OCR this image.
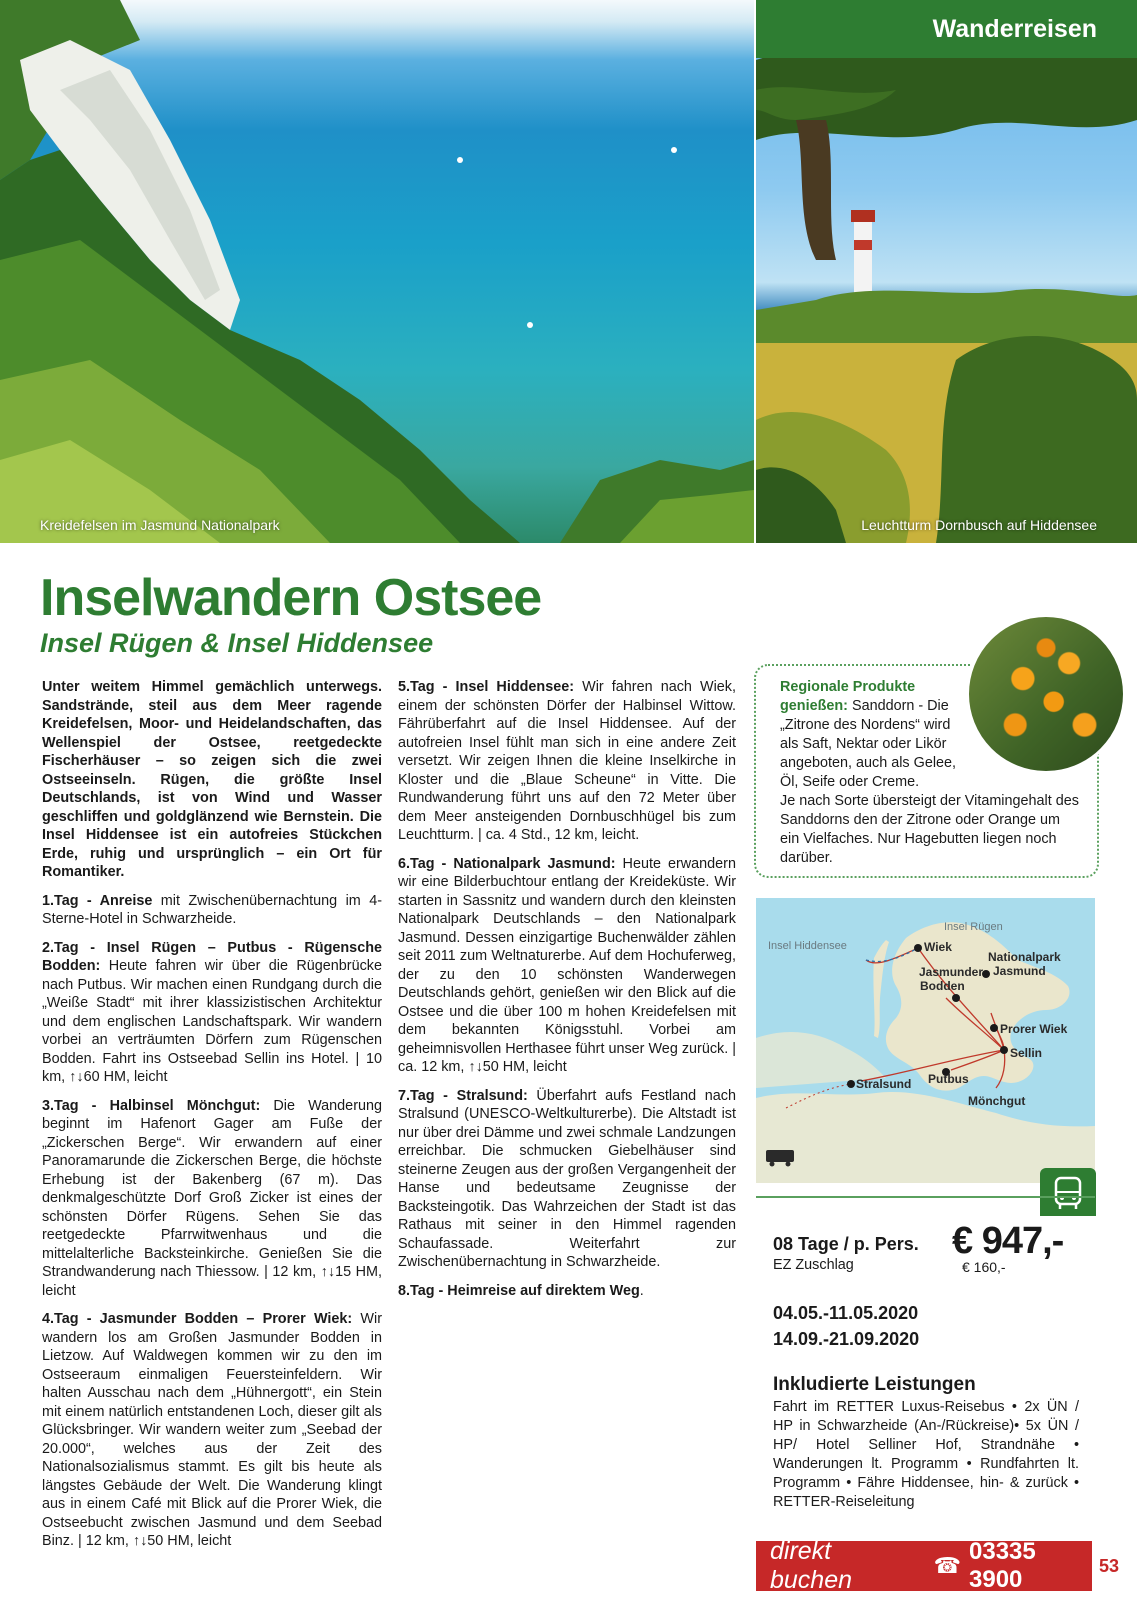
Kreidefelsen im Jasmund Nationalpark	Leuchtturm Dornbusch auf Hiddensee
Wanderreisen
Inselwandern Ostsee
Insel Rügen & Insel Hiddensee

Unter weitem Himmel gemächlich unterwegs. Sandstrände, steil aus dem Meer ragende Kreidefelsen, Moor- und Heidelandschaften, das Wellenspiel der Ostsee, reetgedeckte Fischerhäuser – so zeigen sich die zwei Ostseeinseln. Rügen, die größte Insel Deutschlands, ist von Wind und Wasser geschliffen und goldglänzend wie Bernstein. Die Insel Hiddensee ist ein autofreies Stückchen Erde, ruhig und ursprünglich – ein Ort für Romantiker.

1.Tag - Anreise mit Zwischenübernachtung im 4-Sterne-Hotel in Schwarzheide.

2.Tag - Insel Rügen – Putbus - Rügensche Bodden: Heute fahren wir über die Rügenbrücke nach Putbus. Wir machen einen Rundgang durch die „Weiße Stadt“ mit ihrer klassizistischen Architektur und dem englischen Landschaftspark. Wir wandern vorbei an verträumten Dörfern zum Rügenschen Bodden. Fahrt ins Ostseebad Sellin ins Hotel. | 10 km, ↑↓60 HM, leicht

3.Tag - Halbinsel Mönchgut: Die Wanderung beginnt im Hafenort Gager am Fuße der „Zickerschen Berge“. Wir erwandern auf einer Panoramarunde die Zickerschen Berge, die höchste Erhebung ist der Bakenberg (67 m). Das denkmalgeschützte Dorf Groß Zicker ist eines der schönsten Dörfer Rügens. Sehen Sie das reetgedeckte Pfarrwitwenhaus und die mittelalterliche Backsteinkirche. Genießen Sie die Strandwanderung nach Thiessow. | 12 km, ↑↓15 HM, leicht

4.Tag - Jasmunder Bodden – Prorer Wiek: Wir wandern los am Großen Jasmunder Bodden in Lietzow. Auf Waldwegen kommen wir zu den im Ostseeraum einmaligen Feuersteinfeldern. Wir halten Ausschau nach dem „Hühnergott“, ein Stein mit einem natürlich entstandenen Loch, dieser gilt als Glücksbringer. Wir wandern weiter zum „Seebad der 20.000“, welches aus der Zeit des Nationalsozialismus stammt. Es gilt bis heute als längstes Gebäude der Welt. Die Wanderung klingt aus in einem Café mit Blick auf die Prorer Wiek, die Ostseebucht zwischen Jasmund und dem Seebad Binz. | 12 km, ↑↓50 HM, leicht

5.Tag - Insel Hiddensee: Wir fahren nach Wiek, einem der schönsten Dörfer der Halbinsel Wittow. Fährüberfahrt auf die Insel Hiddensee. Auf der autofreien Insel fühlt man sich in eine andere Zeit versetzt. Wir zeigen Ihnen die kleine Inselkirche in Kloster und die „Blaue Scheune“ in Vitte. Die Rundwanderung führt uns auf den 72 Meter über dem Meer ansteigenden Dornbuschhügel bis zum Leuchtturm. | ca. 4 Std., 12 km, leicht.

6.Tag - Nationalpark Jasmund: Heute erwandern wir eine Bilderbuchtour entlang der Kreideküste. Wir starten in Sassnitz und wandern durch den kleinsten Nationalpark Deutschlands – den Nationalpark Jasmund. Dessen einzigartige Buchenwälder zählen seit 2011 zum Weltnaturerbe. Auf dem Hochuferweg, der zu den 10 schönsten Wanderwegen Deutschlands gehört, genießen wir den Blick auf die Ostsee und die über 100 m hohen Kreidefelsen mit dem bekannten Königsstuhl. Vorbei am geheimnisvollen Herthasee führt unser Weg zurück. | ca. 12 km, ↑↓50 HM, leicht

7.Tag - Stralsund: Überfahrt aufs Festland nach Stralsund (UNESCO-Weltkulturerbe). Die Altstadt ist nur über drei Dämme und zwei schmale Landzungen erreichbar. Die schmucken Giebelhäuser sind steinerne Zeugen aus der großen Vergangenheit der Hanse und bedeutsame Zeugnisse der Backsteingotik. Das Wahrzeichen der Stadt ist das Rathaus mit seiner in den Himmel ragenden Schaufassade. Weiterfahrt zur Zwischenübernachtung in Schwarzheide.

8.Tag - Heimreise auf direktem Weg.

Regionale Produkte genießen: Sanddorn - Die „Zitrone des Nordens“ wird als Saft, Nektar oder Likör angeboten, auch als Gelee, Öl, Seife oder Creme.
Je nach Sorte übersteigt der Vitamingehalt des Sanddorns den der Zitrone oder Orange um ein Vielfaches. Nur Hagebutten liegen noch darüber.
Insel Rügen
Insel Hiddensee	Wiek
Nationalpark
Jasmund
Jasmunder
Bodden
Prorer Wiek
Sellin
Stralsund Putbus
Mönchgut
08 Tage / p. Pers.
EZ Zuschlag
€ 947,-
€ 160,-
04.05.-11.05.2020
14.09.-21.09.2020
Inkludierte Leistungen
Fahrt im RETTER Luxus-Reisebus • 2x ÜN / HP in Schwarzheide (An-/Rückreise)• 5x ÜN / HP/ Hotel Selliner Hof, Strandnähe • Wanderungen lt. Programm • Rundfahrten lt. Programm • Fähre Hiddensee, hin- & zurück • RETTER-Reiseleitung
direkt buchen
☎
03335 3900	53
